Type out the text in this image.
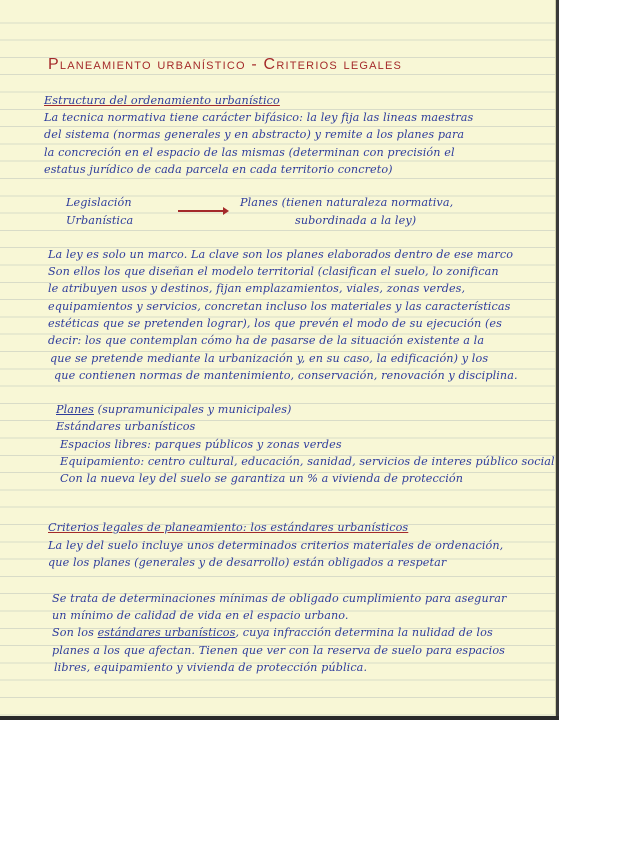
Planeamiento urbanístico - Criterios legales
Estructura del ordenamiento urbanístico
La tecnica normativa tiene carácter bifásico: la ley fija las lineas maestras
del sistema (normas generales y en abstracto) y remite a los planes para
la concreción en el espacio de las mismas (determinan con precisión el
estatus jurídico de cada parcela en cada territorio concreto)
Legislación
Urbanística
Planes (tienen naturaleza normativa,
subordinada a la ley)
La ley es solo un marco. La clave son los planes elaborados dentro de ese marco
Son ellos los que diseñan el modelo territorial (clasifican el suelo, lo zonifican
le atribuyen usos y destinos, fijan emplazamientos, viales, zonas verdes,
equipamientos y servicios, concretan incluso los materiales y las características
estéticas que se pretenden lograr), los que prevén el modo de su ejecución (es
decir: los que contemplan cómo ha de pasarse de la situación existente a la
que se pretende mediante la urbanización y, en su caso, la edificación) y los
que contienen normas de mantenimiento, conservación, renovación y disciplina.
Planes (supramunicipales y municipales)
Estándares urbanísticos
Espacios libres: parques públicos y zonas verdes
Equipamiento: centro cultural, educación, sanidad, servicios de interes público social
Con la nueva ley del suelo se garantiza un % a vivienda de protección
Criterios legales de planeamiento: los estándares urbanísticos
La ley del suelo incluye unos determinados criterios materiales de ordenación,
que los planes (generales y de desarrollo) están obligados a respetar
Se trata de determinaciones mínimas de obligado cumplimiento para asegurar
un mínimo de calidad de vida en el espacio urbano.
Son los estándares urbanísticos, cuya infracción determina la nulidad de los
planes a los que afectan. Tienen que ver con la reserva de suelo para espacios
libres, equipamiento y vivienda de protección pública.
